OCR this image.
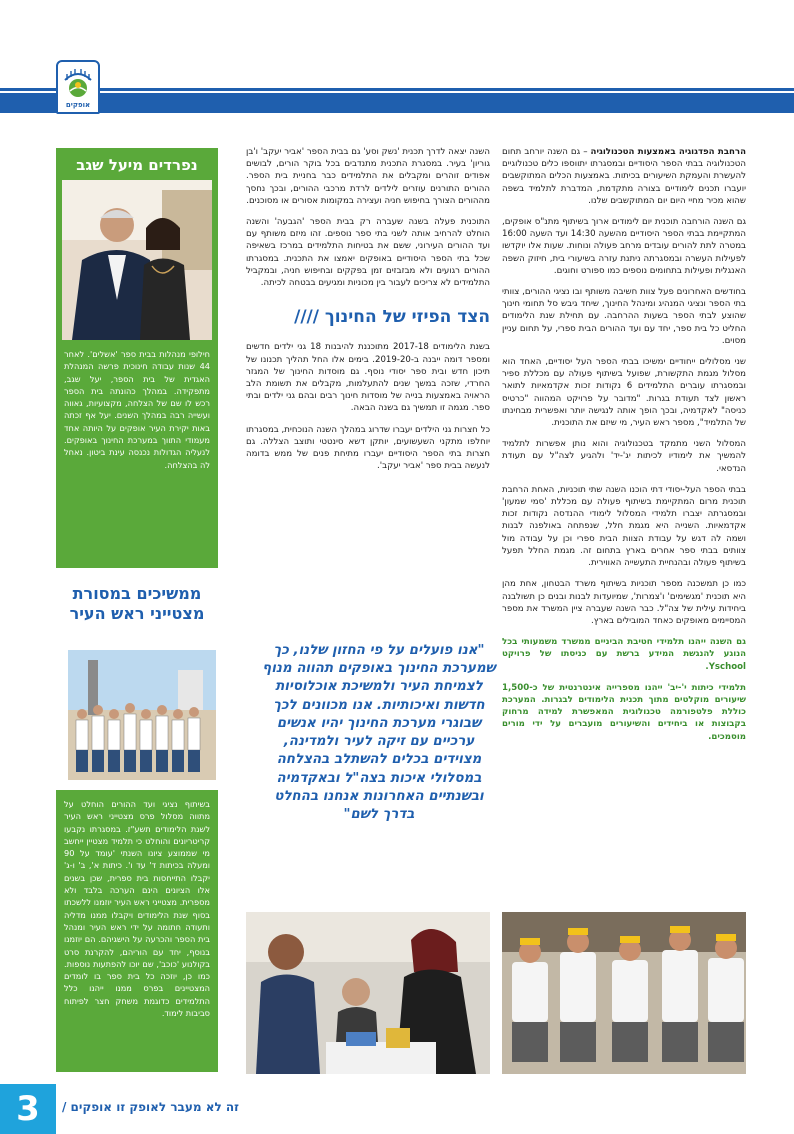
אופקים

הרחבת הפדגוגיה באמצעות הטכנולוגיה – גם השנה יורחב תחום הטכנולוגיה בבתי הספר היסודיים ובמסגרתו יתווספו כלים טכנולוגיים להעשרת והעמקת השיעורים בכיתות. באמצעות הכלים המתוקשבים יועברו תכנים לימודיים בצורה מתקדמת, המדברת לתלמיד בשפה שהוא מכיר מחיי היום יום המתוקשבים שלנו.

גם השנה הורחבה תוכנית יום לימודים ארוך בשיתוף מתנ"ס אופקים, המתקיימת בבתי הספר היסודיים מהשעה 14:30 ועד השעה 16:00 במטרה לתת להורים עובדים מרחב פעולה ונוחות. שעות אלו יוקדשו לפעילות העשרה ובמסגרתה ניתנת עזרה בשיעורי בית, חיזוק השפה האנגלית ופעילות בתחומים נוספים כמו ספורט וחוגים.

בחודשים האחרונים פעל צוות חשיבה משותף ובו נציגי ההורים, צוותי בתי הספר ונציגי המנהיג ומינהל החינוך, שיחד גיבש סל תחומי חינוך שהוצע לבתי הספר בשעות ההרחבה. עם תחילת שנת הלימודים החליט כל בית ספר, יחד עם ועד ההורים הבית ספרי, על תחום עניין מסוים.

שני מסלולים ייחודיים ימשיכו בבתי הספר העל יסודיים, האחד הוא מסלול מגמת התקשורת, שפועל בשיתוף פעולה עם מכללת ספיר ובמסגרתו עוברים התלמידים 6 נקודות זכות אקדמאיות לתואר ראשון לצד תעודת בגרות. "מדובר על פרויקט המהווה "כרטיס כניסה" לאקדמיה, ובכך הופך אותה לנגישה יותר ואפשרית מבחינתו של התלמיד", מספר ראש העיר, מי שיזם את התוכנית.

המסלול השני מתמקד בטכנולוגיה והוא נותן אפשרות לתלמיד להמשיך את לימודיו לכיתות יג'-יד' ולהגיע לצה"ל עם תעודת הנדסאי.

בבתי הספר העל-יסודי דתי הוכנו השנה שתי תוכניות, האחת הרחבת תוכנית מרום המתקיימת בשיתוף פעולה עם מכללת 'סמי שמעון' ובמסגרתה יצברו תלמידי המסלול לימודי ההנדסה נקודות זכות אקדמאיות. השנייה היא מגמת חלל, שנפתחה באולפנה לבנות ושמה לה דגש על עבודת הצוות הבית ספרי וכן על עבודה מול צוותים בבתי ספר אחרים בארץ בתחום זה. מגמת החלל תפעל בשיתוף פעולה ובהנחיית התעשייה האווירית.

כמו כן תמשכנה מספר תוכניות בשיתוף משרד הבטחון, אחת מהן היא תוכנית 'מגשימים' ו'צמרות', שמיועדות לבנות ובנים כן תשולבנה ביחידות עילית של צה"ל. כבר השנה שעברה ציין המשרד את מספר המסיימים מאופקים כאחד המובילים בארץ.

גם השנה ייהנו תלמידי חטיבת הביניים ממשרד משמעותי בכל הנוגע להנגשת המידע ברשת עם כניסתו של פרויקט Yschool.

תלמידי כיתות י'-יב' ייהנו מספרייה אינטרנטית של כ-1,500 שיעורים מוקלטים מתוך תכנית הלימודים לבגרות. המערכת כוללת פלטפורמה טכנולוגית המאפשרת למידה מרחוק בקבוצות או ביחידים והשיעורים מועברים על ידי מורים מוסמכים.

השנה יצאה לדרך תכנית 'נשק וסע' גם בבית הספר 'אביר יעקב' ו'בן גוריון' בעיר. במסגרת התכנית מתנדבים בכל בוקר הורים, לבושים אפודים זוהרים ומקבלים את התלמידים כבר בחניית בית הספר. ההורים התורנים עוזרים לילדים לרדת מרכבי ההורים, ובכך נחסך מההורים הצורך בחיפוש חניה ועצירה במקומות אסורים או מסוכנים.

התוכנית פעלה בשנה שעברה רק בבית הספר 'הגבעה' והשנה הוחלט להרחיב אותה לשני בתי ספר נוספים. זהו מיזם משותף עם ועד ההורים העירוני, ששם את בטיחות התלמידים במרכז בשאיפה שכל בתי הספר היסודיים באופקים יאמצו את התכנית. במסגרתו ההורים רגועים ולא מבזבזים זמן בפקקים ובחיפוש חניה, ובמקביל התלמידים לא צריכים לעבור בין מכוניות ומגיעים בבטחה לכיתה.

הצד הפיזי של החינוך ////

בשנת הלימודים 2017-18 מתוכננת להיבנות 18 גני ילדים חדשים ומספר דומה ייבנה ב-2019-20. בימים אלו החל תהליך תכנונו של תיכון חדש ובית ספר יסודי נוסף. גם מוסדות החינוך של המגזר החרדי, שזכה במשך שנים להתעלמות, מקבלים את תשומת הלב הראויה באמצעות בנייה של מוסדות חינוך רבים ובהם גני ילדים ובתי ספר. מגמה זו תמשיך גם בשנה הבאה.

כל חצרות גני הילדים יעברו שדרוג במהלך השנה הנוכחית, במסגרתו יוחלפו מתקני השעשועים, יותקן דשא סינטטי ותוצב הצללה. גם חצרות בתי הספר היסודיים יעברו מתיחת פנים של ממש בדומה לנעשה בבית ספר 'אביר יעקב'.

"אנו פועלים על פי החזון שלנו, כך שמערכת החינוך באופקים תהווה מנוף לצמיחת העיר ולמשיכת אוכלוסיות חדשות ואיכותיות. אנו מכוונים לכך שבוגרי מערכת החינוך יהיו אנשים ערכיים עם זיקה לעיר ולמדינה, מצוידים בכלים להשתלב בהצלחה במסלולי איכות בצה"ל ובאקדמיה ובשנתיים האחרונות אנחנו בהחלט בדרך לשם"
נפרדים מיעל שגב
חילופי מנהלות בבית ספר 'אשלים'. לאחר 44 שנות עבודה חינוכית פרשה המנהלת האגדית של בית הספר, יעל שגב, מתפקידה. במהלך כהונתה בית הספר רכש לו שם של הצלחה, מקצועיות, גאווה ועשייה רבה במהלך השנים. יעל אף זכתה באות יקירת העיר אופקים על היותה אחד מעמודי התווך במערכת החינוך באופקים. לנעליה הגדולות נכנסה עינת ביטון. נאחל לה בהצלחה.
ממשיכים במסורת מצטייני ראש העיר
בשיתוף נציגי ועד ההורים הוחלט על מתווה מסלול פרס מצטייני ראש העיר לשנת הלימודים תשע"ז. במסגרתו נקבעו קריטריונים והוחלט כי תלמיד מצטיין ייחשב מי שממוצע ציונו השנתי 'עומד על 90 ומעלה בכיתות ד' עד ו'. כיתות א', ב' ו-ג' יקבלו התייחסות בית ספרית, שכן בשנים אלו הציונים הינם הערכה בלבד ולא מספרית. מצטייני ראש העיר יוזמנו ללשכתו בסוף שנת הלימודים ויקבלו ממנו מדליה ותעודה חתומה על ידי ראש העיר ומנהל בית הספר והכרעה על הישגיהם. הם יוזמנו בנוסף, יחד עם הוריהם, להקרנת סרט בקולנוע 'כוכב', שם יוכו להפתעות נוספות. כמו כן, יוזכה כל בית ספר בו לומדים המצטיינים בפרס ממנו ייהנו כלל התלמידים כדוגמת משחק חצר לפיתוח סביבות לימוד.
3	זה לא מעבר לאופק זו אופקים /
